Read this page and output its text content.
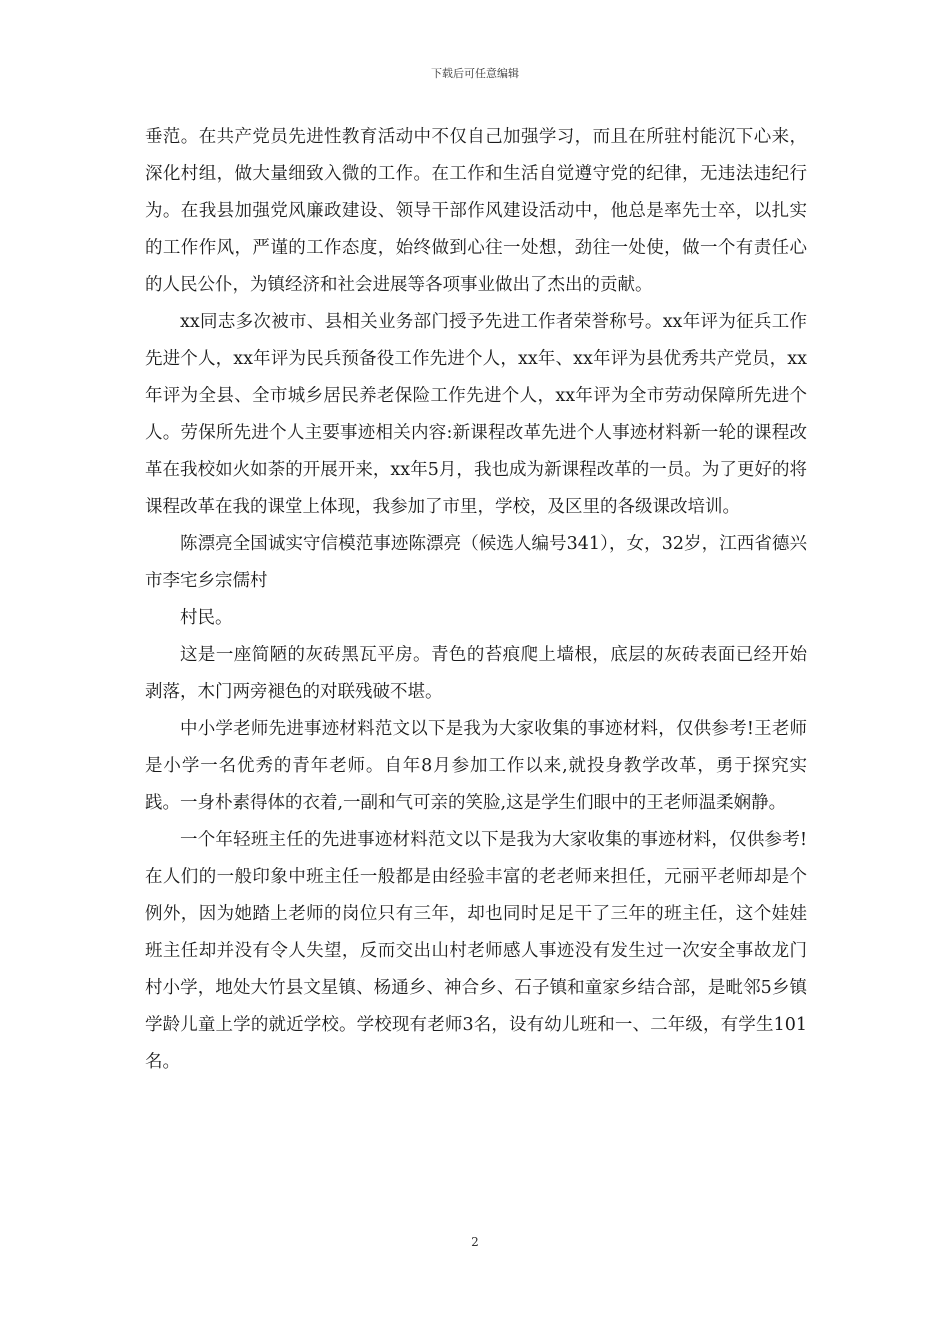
下载后可任意编辑

垂范。在共产党员先进性教育活动中不仅自己加强学习，而且在所驻村能沉下心来，深化村组，做大量细致入微的工作。在工作和生活自觉遵守党的纪律，无违法违纪行为。在我县加强党风廉政建设、领导干部作风建设活动中，他总是率先士卒，以扎实的工作作风，严谨的工作态度，始终做到心往一处想，劲往一处使，做一个有责任心的人民公仆，为镇经济和社会进展等各项事业做出了杰出的贡献。

xx同志多次被市、县相关业务部门授予先进工作者荣誉称号。xx年评为征兵工作先进个人，xx年评为民兵预备役工作先进个人，xx年、xx年评为县优秀共产党员，xx年评为全县、全市城乡居民养老保险工作先进个人，xx年评为全市劳动保障所先进个人。劳保所先进个人主要事迹相关内容:新课程改革先进个人事迹材料新一轮的课程改革在我校如火如荼的开展开来，xx年5月，我也成为新课程改革的一员。为了更好的将课程改革在我的课堂上体现，我参加了市里，学校，及区里的各级课改培训。

陈漂亮全国诚实守信模范事迹陈漂亮（候选人编号341），女，32岁，江西省德兴市李宅乡宗儒村

村民。

这是一座简陋的灰砖黑瓦平房。青色的苔痕爬上墙根，底层的灰砖表面已经开始剥落，木门两旁褪色的对联残破不堪。

中小学老师先进事迹材料范文以下是我为大家收集的事迹材料，仅供参考!王老师是小学一名优秀的青年老师。自年8月参加工作以来,就投身教学改革，勇于探究实践。一身朴素得体的衣着,一副和气可亲的笑脸,这是学生们眼中的王老师温柔娴静。

一个年轻班主任的先进事迹材料范文以下是我为大家收集的事迹材料，仅供参考!在人们的一般印象中班主任一般都是由经验丰富的老老师来担任，元丽平老师却是个例外，因为她踏上老师的岗位只有三年，却也同时足足干了三年的班主任，这个娃娃班主任却并没有令人失望，反而交出山村老师感人事迹没有发生过一次安全事故龙门村小学，地处大竹县文星镇、杨通乡、神合乡、石子镇和童家乡结合部，是毗邻5乡镇学龄儿童上学的就近学校。学校现有老师3名，设有幼儿班和一、二年级，有学生101名。

2
